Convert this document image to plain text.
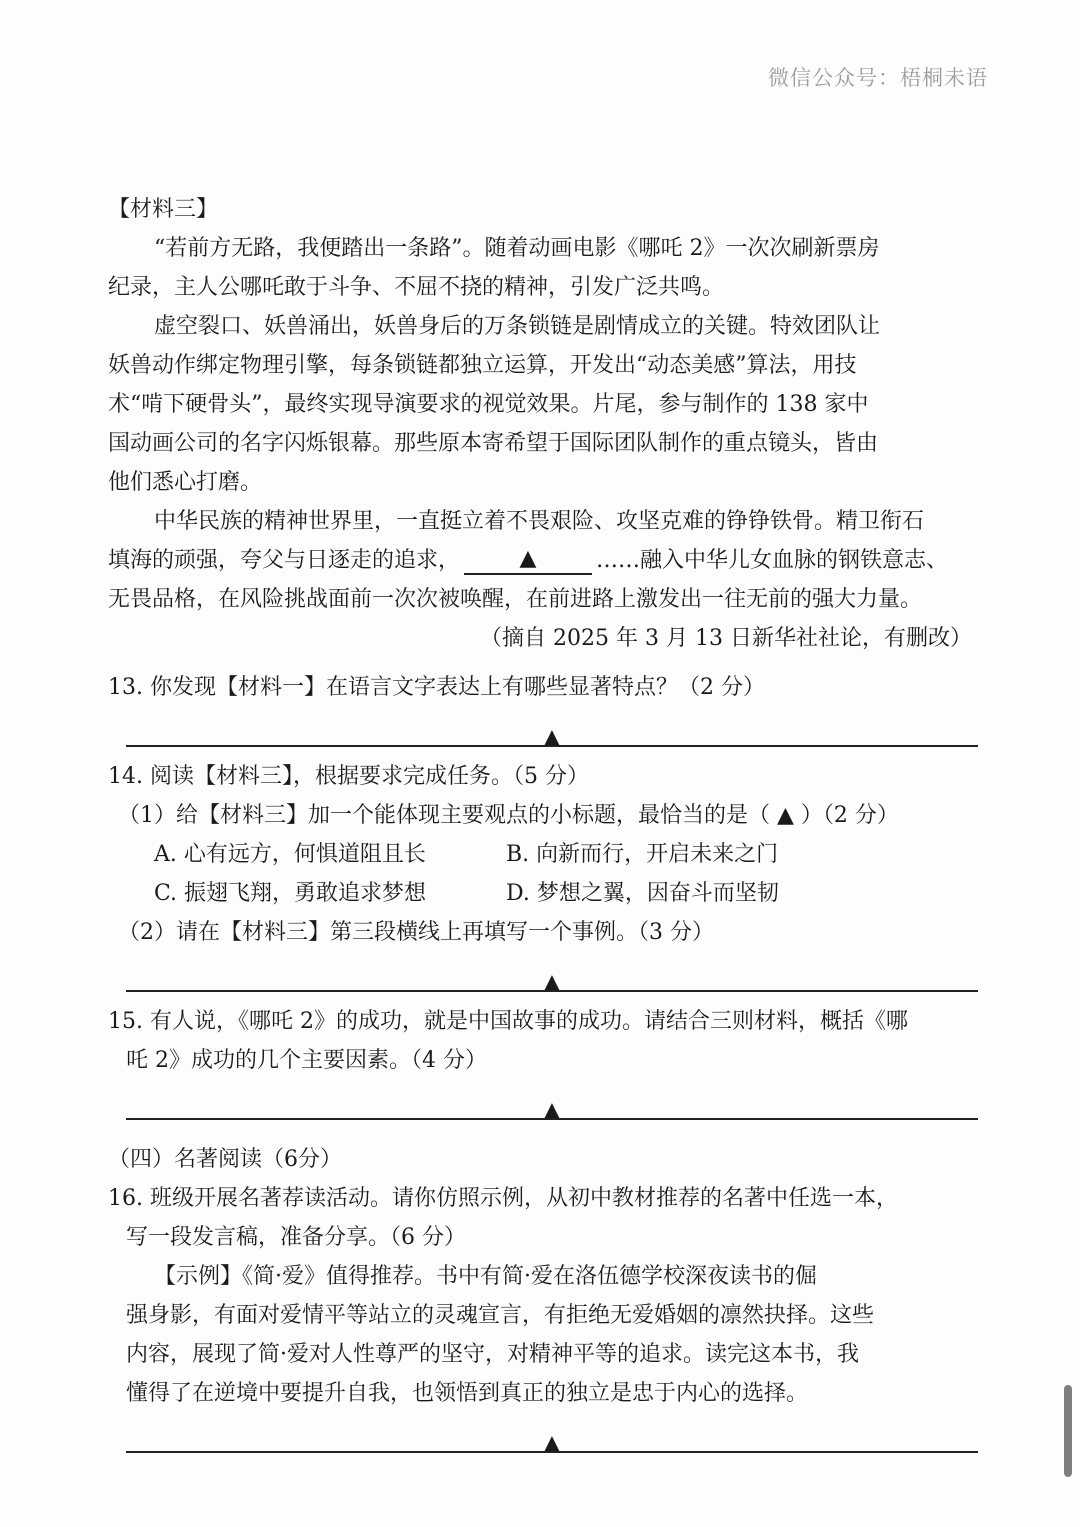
微信公众号：梧桐未语
【材料三】
“若前方无路，我便踏出一条路”。随着动画电影《哪吒 2》一次次刷新票房
纪录，主人公哪吒敢于斗争、不屈不挠的精神，引发广泛共鸣。
虚空裂口、妖兽涌出，妖兽身后的万条锁链是剧情成立的关键。特效团队让
妖兽动作绑定物理引擎，每条锁链都独立运算，开发出“动态美感”算法，用技
术“啃下硬骨头”，最终实现导演要求的视觉效果。片尾，参与制作的 138 家中
国动画公司的名字闪烁银幕。那些原本寄希望于国际团队制作的重点镜头，皆由
他们悉心打磨。
中华民族的精神世界里，一直挺立着不畏艰险、攻坚克难的铮铮铁骨。精卫衔石
填海的顽强，夸父与日逐走的追求，	▲	……融入中华儿女血脉的钢铁意志、
无畏品格，在风险挑战面前一次次被唤醒，在前进路上激发出一往无前的强大力量。
（摘自 2025 年 3 月 13 日新华社社论，有删改）
13. 你发现【材料一】在语言文字表达上有哪些显著特点？（2 分）
▲
14. 阅读【材料三】，根据要求完成任务。（5 分）
（1）给【材料三】加一个能体现主要观点的小标题，最恰当的是（ ▲ ）（2 分）
A. 心有远方，何惧道阻且长	B. 向新而行，开启未来之门
C. 振翅飞翔，勇敢追求梦想	D. 梦想之翼，因奋斗而坚韧
（2）请在【材料三】第三段横线上再填写一个事例。（3 分）
▲
15. 有人说，《哪吒 2》的成功，就是中国故事的成功。请结合三则材料，概括《哪
吒 2》成功的几个主要因素。（4 分）
▲
（四）名著阅读（6分）
16. 班级开展名著荐读活动。请你仿照示例，从初中教材推荐的名著中任选一本，
写一段发言稿，准备分享。（6 分）
【示例】《简·爱》值得推荐。书中有简·爱在洛伍德学校深夜读书的倔
强身影，有面对爱情平等站立的灵魂宣言，有拒绝无爱婚姻的凛然抉择。这些
内容，展现了简·爱对人性尊严的坚守，对精神平等的追求。读完这本书，我
懂得了在逆境中要提升自我，也领悟到真正的独立是忠于内心的选择。
▲
